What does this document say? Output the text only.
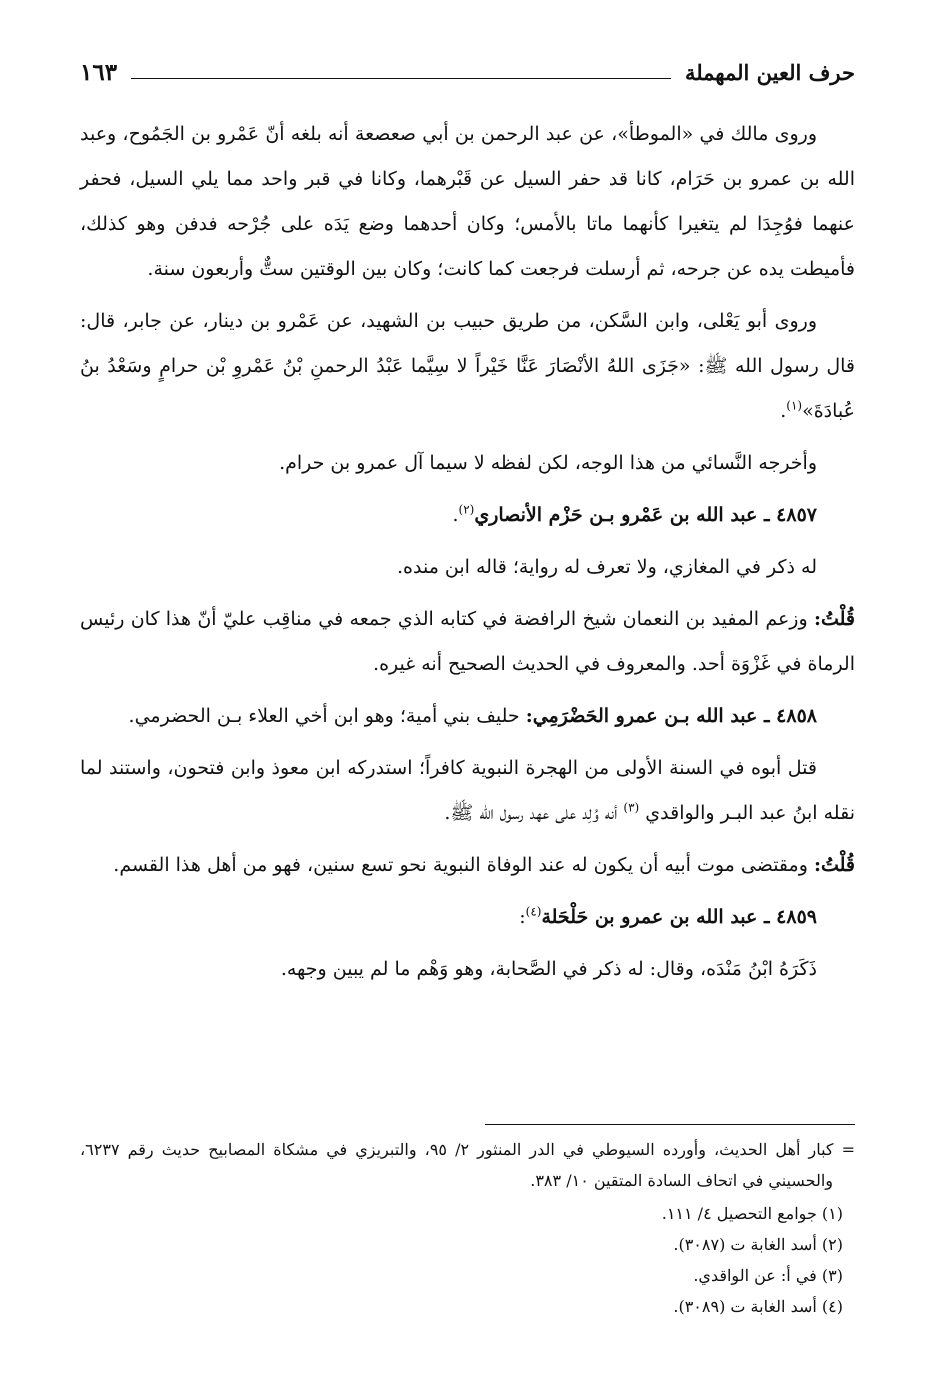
حرف العين المهملة
١٦٣

وروى مالك في «الموطأ»، عن عبد الرحمن بن أبي صعصعة أنه بلغه أنّ عَمْرو بن الجَمُوح، وعبد الله بن عمرو بن حَرَام، كانا قد حفر السيل عن قَبْرهما، وكانا في قبر واحد مما يلي السيل، فحفر عنهما فوُجِدَا لم يتغيرا كأنهما ماتا بالأمس؛ وكان أحدهما وضع يَدَه على جُرْحه فدفن وهو كذلك، فأميطت يده عن جرحه، ثم أرسلت فرجعت كما كانت؛ وكان بين الوقتين ستٌّ وأربعون سنة.

وروى أبو يَعْلى، وابن السَّكن، من طريق حبيب بن الشهيد، عن عَمْرو بن دينار، عن جابر، قال: قال رسول الله ﷺ: «جَزَى اللهُ الأنْصَارَ عَنَّا خَيْراً لا سِيَّما عَبْدُ الرحمنِ بْنُ عَمْروِ بْن حرامٍ وسَعْدُ بنُ عُبادَةَ»$^{(١)}$.

وأخرجه النَّسائي من هذا الوجه، لكن لفظه لا سيما آل عمرو بن حرام.

٤٨٥٧ ـ عبد الله بن عَمْرو بـن حَزْم الأنصاري$^{(٢)}$.

له ذكر في المغازي، ولا تعرف له رواية؛ قاله ابن منده.

قُلْتُ: وزعم المفيد بن النعمان شيخ الرافضة في كتابه الذي جمعه في مناقِب عليّ أنّ هذا كان رئيس الرماة في غَزْوَة أحد. والمعروف في الحديث الصحيح أنه غيره.

٤٨٥٨ ـ عبد الله بـن عمرو الحَضْرَمِي: حليف بني أمية؛ وهو ابن أخي العلاء بـن الحضرمي.

قتل أبوه في السنة الأولى من الهجرة النبوية كافراً؛ استدركه ابن معوذ وابن فتحون، واستند لما نقله ابنُ عبد البـر والواقدي $^{(٣)}$ أنه وُلِد على عهد رسول الله ﷺ.

قُلْتُ: ومقتضى موت أبيه أن يكون له عند الوفاة النبوية نحو تسع سنين، فهو من أهل هذا القسم.

٤٨٥٩ ـ عبد الله بن عمرو بن حَلْحَلة$^{(٤)}$:

ذَكَرَهُ ابْنُ مَنْدَه، وقال: له ذكر في الصَّحابة، وهو وَهْم ما لم يبين وجهه.

= كبار أهل الحديث، وأورده السيوطي في الدر المنثور ٢/ ٩٥، والتبريزي في مشكاة المصابيح حديث رقم ٦٢٣٧، والحسيني في اتحاف السادة المتقين ١٠/ ٣٨٣.

(١) جوامع التحصيل ٤/ ١١١.

(٢) أسد الغابة ت (٣٠٨٧).

(٣) في أ: عن الواقدي.

(٤) أسد الغابة ت (٣٠٨٩).
